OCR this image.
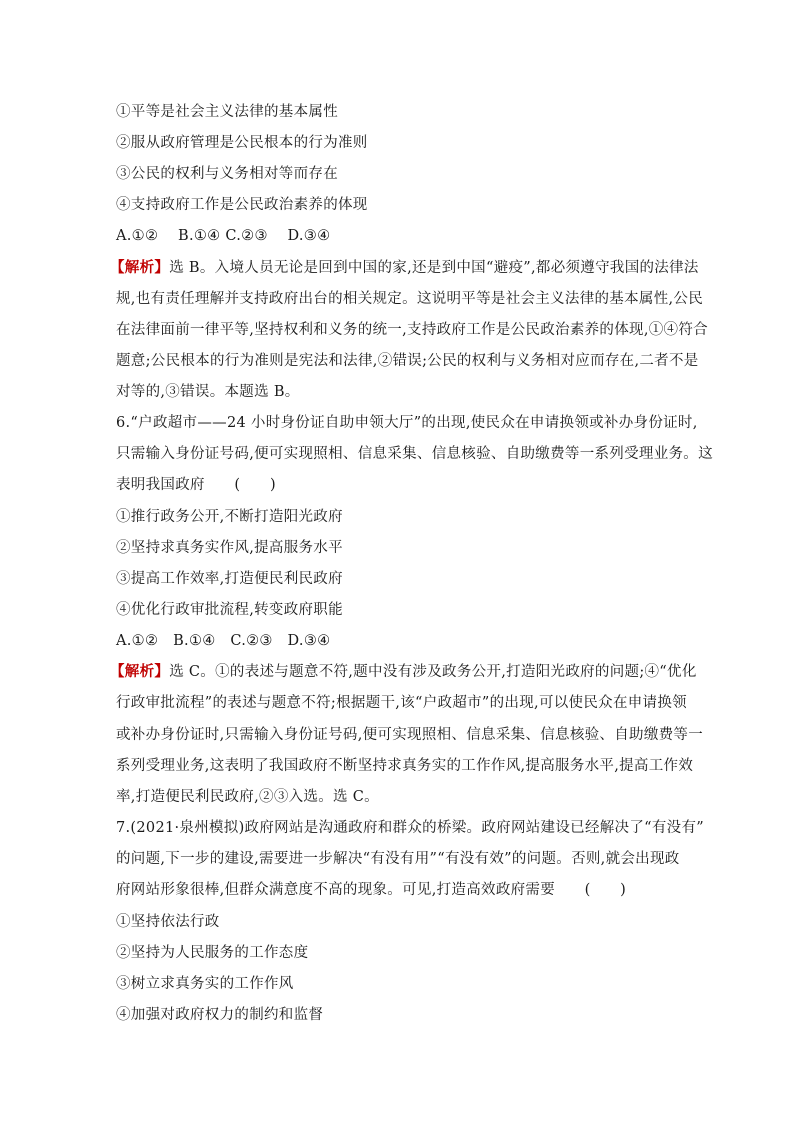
①平等是社会主义法律的基本属性
②服从政府管理是公民根本的行为准则
③公民的权利与义务相对等而存在
④支持政府工作是公民政治素养的体现
A.①②　 B.①④ C.②③　 D.③④
【解析】选 B。入境人员无论是回到中国的家,还是到中国“避疫”,都必须遵守我国的法律法
规,也有责任理解并支持政府出台的相关规定。这说明平等是社会主义法律的基本属性,公民
在法律面前一律平等,坚持权利和义务的统一,支持政府工作是公民政治素养的体现,①④符合
题意;公民根本的行为准则是宪法和法律,②错误;公民的权利与义务相对应而存在,二者不是
对等的,③错误。本题选 B。
6.“户政超市——24 小时身份证自助申领大厅”的出现,使民众在申请换领或补办身份证时,
只需输入身份证号码,便可实现照相、信息采集、信息核验、自助缴费等一系列受理业务。这
表明我国政府　　(　　)
①推行政务公开,不断打造阳光政府
②坚持求真务实作风,提高服务水平
③提高工作效率,打造便民利民政府
④优化行政审批流程,转变政府职能
A.①②　B.①④　C.②③　D.③④
【解析】选 C。①的表述与题意不符,题中没有涉及政务公开,打造阳光政府的问题;④“优化
行政审批流程”的表述与题意不符;根据题干,该“户政超市”的出现,可以使民众在申请换领
或补办身份证时,只需输入身份证号码,便可实现照相、信息采集、信息核验、自助缴费等一
系列受理业务,这表明了我国政府不断坚持求真务实的工作作风,提高服务水平,提高工作效
率,打造便民利民政府,②③入选。选 C。
7.(2021·泉州模拟)政府网站是沟通政府和群众的桥梁。政府网站建设已经解决了“有没有”
的问题,下一步的建设,需要进一步解决“有没有用”“有没有效”的问题。否则,就会出现政
府网站形象很棒,但群众满意度不高的现象。可见,打造高效政府需要　　(　　)
①坚持依法行政
②坚持为人民服务的工作态度
③树立求真务实的工作作风
④加强对政府权力的制约和监督
